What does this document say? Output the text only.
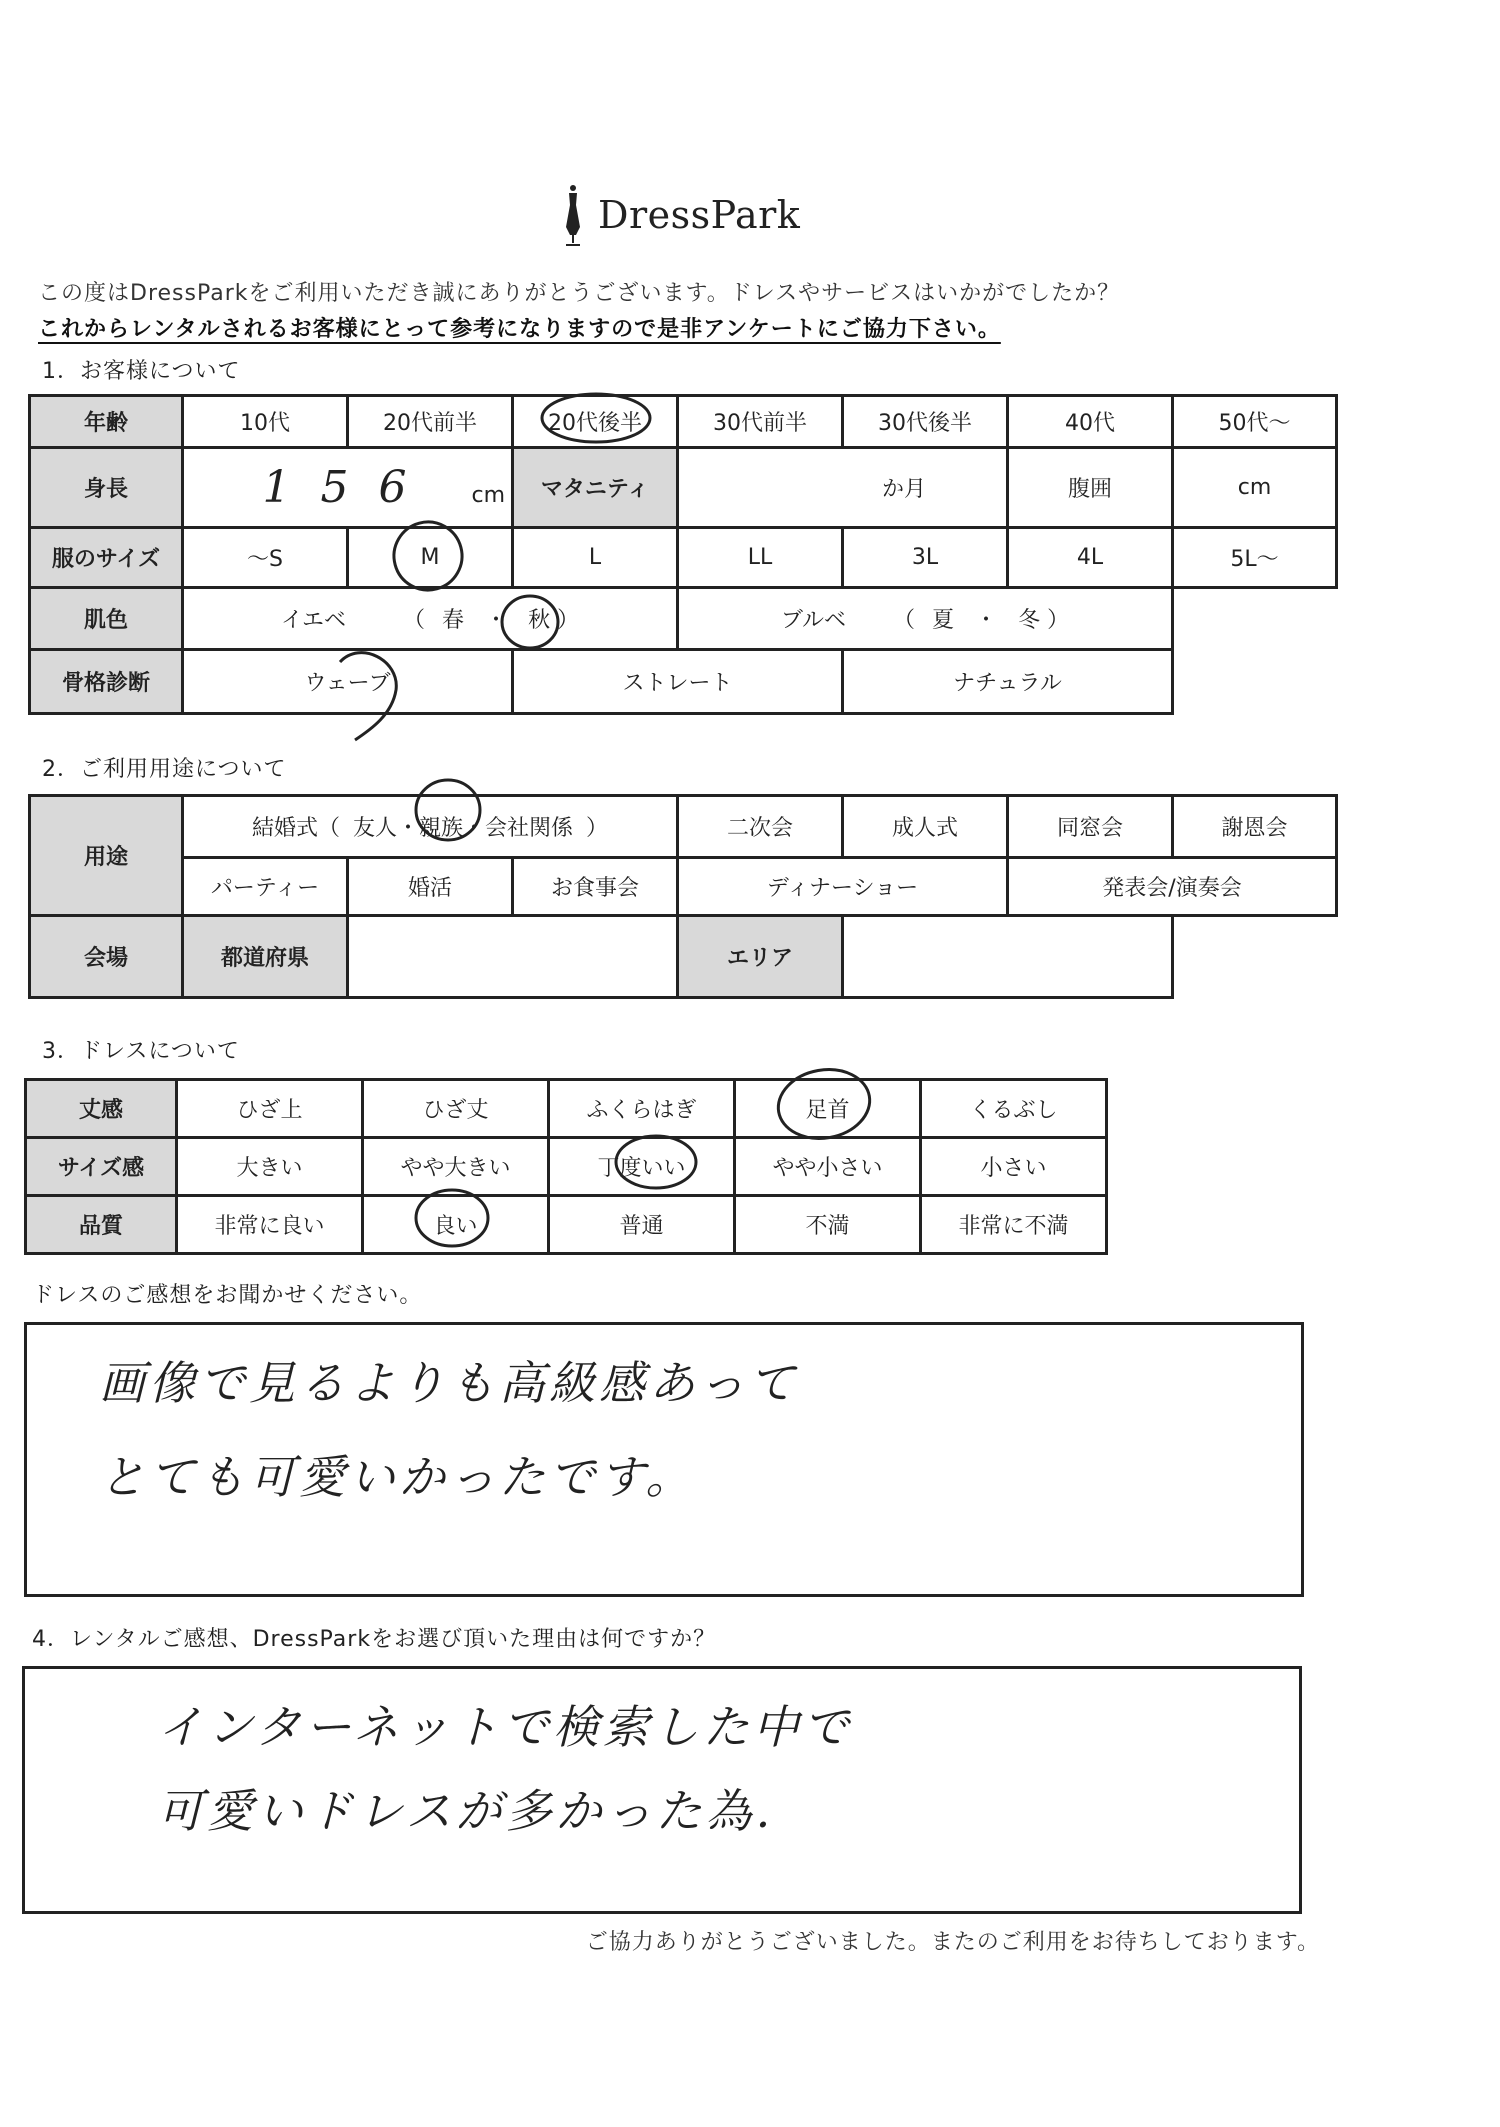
DressPark
この度はDressParkをご利用いただき誠にありがとうございます。ドレスやサービスはいかがでしたか？
これからレンタルされるお客様にとって参考になりますので是非アンケートにご協力下さい。
1．お客様について
年齢	10代	20代前半	20代後半	30代前半	30代後半	40代	50代～
身長	156 cm		マタニティ	か月		腹囲	cm
服のサイズ	～S	M	L	LL	3L	4L	5L～
肌色	イエベ （ 春 ・ 秋 ）			ブルベ （ 夏 ・ 冬 ）			
骨格診断	ウェーブ		ストレート		ナチュラル		
2．ご利用用途について
用途	結婚式（ 友人・親族・会社関係 ）			二次会	成人式	同窓会	謝恩会
	パーティー	婚活	お食事会	ディナーショー		発表会/演奏会	
会場	都道府県			エリア			
3．ドレスについて
丈感	ひざ上	ひざ丈	ふくらはぎ	足首	くるぶし
サイズ感	大きい	やや大きい	丁度いい	やや小さい	小さい
品質	非常に良い	良い	普通	不満	非常に不満
ドレスのご感想をお聞かせください。
画像で見るよりも高級感あって
とても可愛いかったです。
4．レンタルご感想、DressParkをお選び頂いた理由は何ですか？
インターネットで検索した中で
可愛いドレスが多かった為.
ご協力ありがとうございました。またのご利用をお待ちしております。
